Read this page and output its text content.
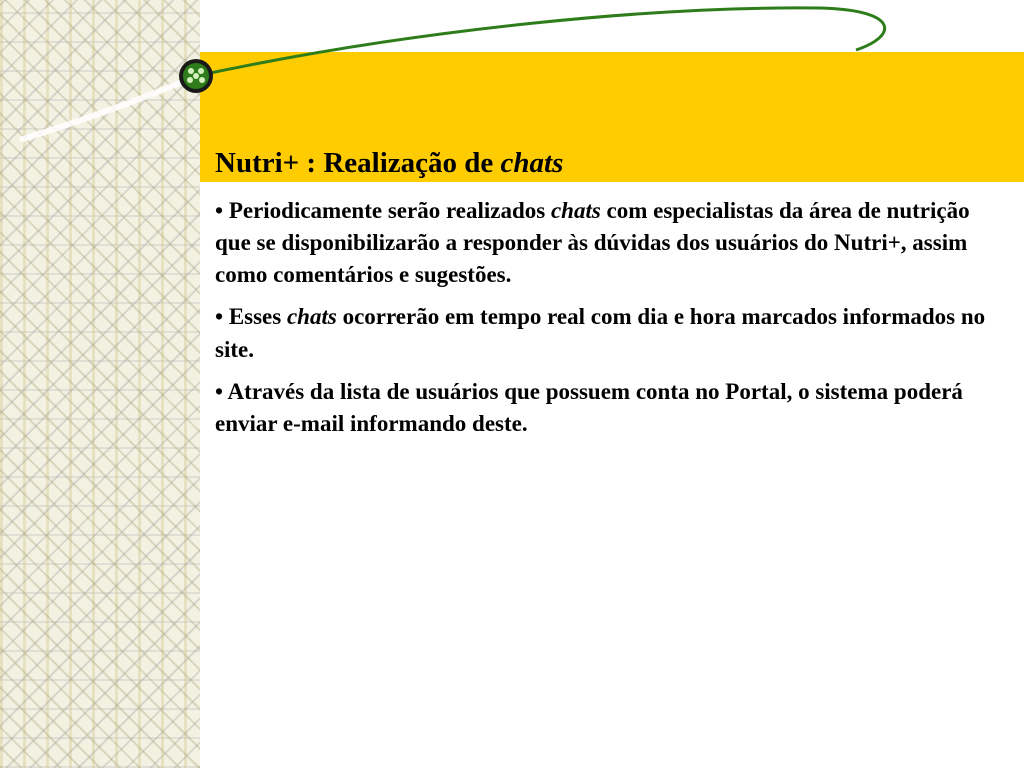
Nutri+ : Realização de chats

• Periodicamente serão realizados chats com especialistas da área de nutrição que se disponibilizarão a responder às dúvidas dos usuários do Nutri+, assim como comentários e sugestões.

• Esses chats ocorrerão em tempo real com dia e hora marcados informados no site.

• Através da lista de usuários que possuem conta no Portal, o sistema poderá enviar e-mail informando deste.
